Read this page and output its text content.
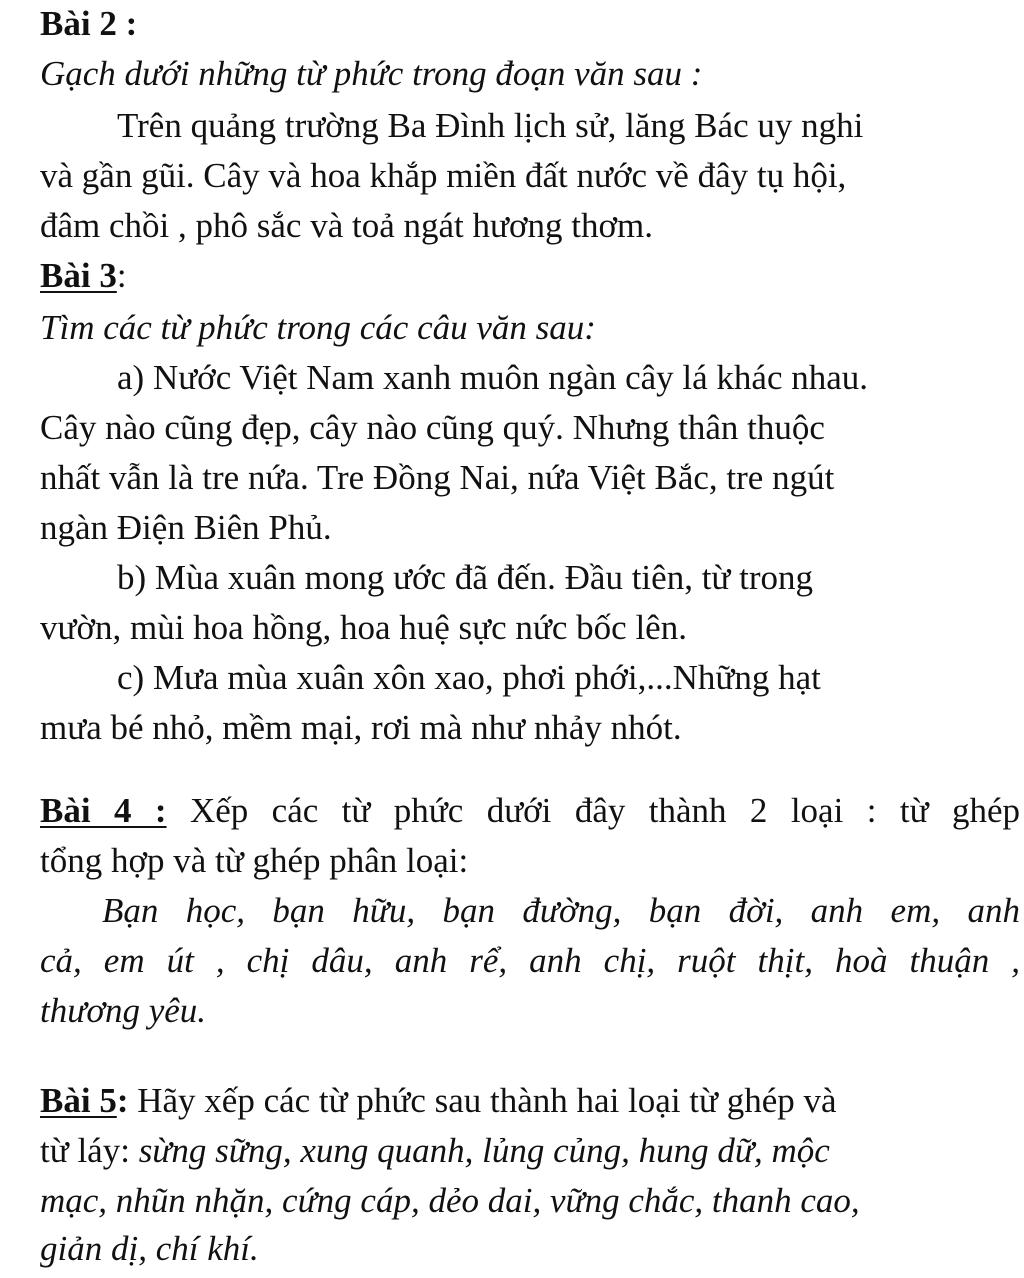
Bài 2 :
Gạch dưới những từ phức trong đoạn văn sau :
Trên quảng trường Ba Đình lịch sử, lăng Bác uy nghi
và gần gũi. Cây và hoa khắp miền đất nước về đây tụ hội,
đâm chồi , phô sắc và toả ngát hương thơm.
Bài 3:
Tìm các từ phức trong các câu văn sau:
a) Nước Việt Nam xanh muôn ngàn cây lá khác nhau.
Cây nào cũng đẹp, cây nào cũng quý. Nhưng thân thuộc
nhất vẫn là tre nứa. Tre Đồng Nai, nứa Việt Bắc, tre ngút
ngàn Điện Biên Phủ.
b) Mùa xuân mong ước đã đến. Đầu tiên, từ trong
vườn, mùi hoa hồng, hoa huệ sực nức bốc lên.
c) Mưa mùa xuân xôn xao, phơi phới,...Những hạt
mưa bé nhỏ, mềm mại, rơi mà như nhảy nhót.
Bài 4 : Xếp các từ phức dưới đây thành 2 loại : từ ghép
tổng hợp và từ ghép phân loại:
Bạn học, bạn hữu, bạn đường, bạn đời, anh em, anh
cả, em út , chị dâu, anh rể, anh chị, ruột thịt, hoà thuận ,
thương yêu.
Bài 5: Hãy xếp các từ phức sau thành hai loại từ ghép và
từ láy: sừng sững, xung quanh, lủng củng, hung dữ, mộc
mạc, nhũn nhặn, cứng cáp, dẻo dai, vững chắc, thanh cao,
giản dị, chí khí.
